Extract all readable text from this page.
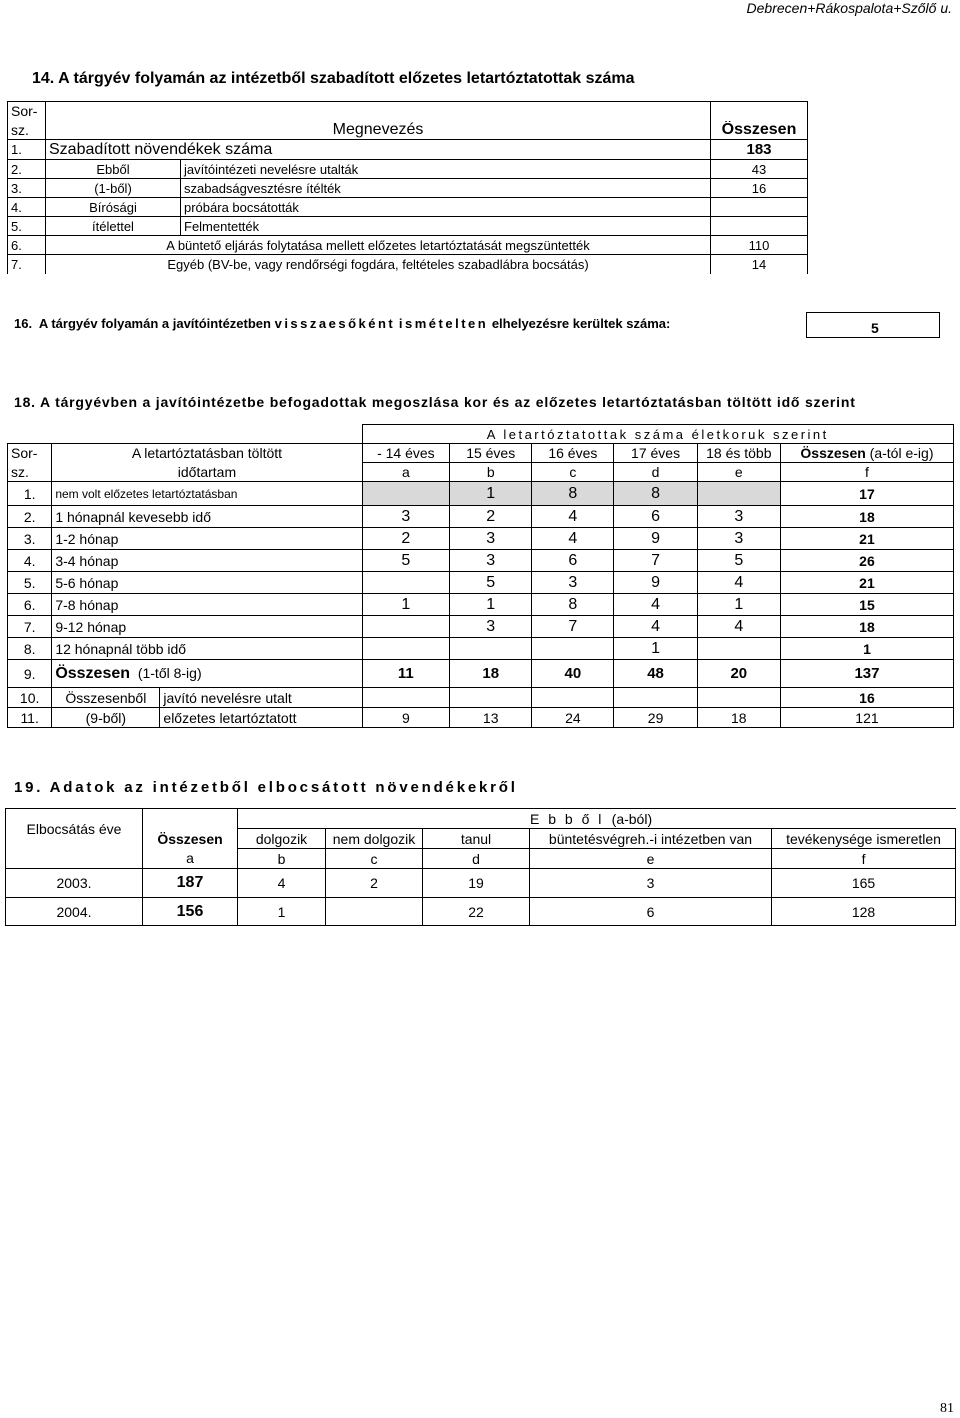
Debrecen+Rákospalota+Szőlő u.
14. A tárgyév folyamán az intézetből szabadított előzetes letartóztatottak száma
Sor-			
sz.	Megnevezés		Összesen
1.	Szabadított növendékek száma		183
2.	Ebből	javítóintézeti nevelésre utalták	43
3.	(1-ből)	szabadságvesztésre ítélték	16
4.	Bírósági	próbára bocsátották	
5.	ítélettel	Felmentették	
6.	A büntető eljárás folytatása mellett előzetes letartóztatását megszüntették		110
7.	Egyéb (BV-be, vagy rendőrségi fogdára, feltételes szabadlábra bocsátás)		14
16. A tárgyév folyamán a javítóintézetben visszaesőként ismételten elhelyezésre kerültek száma:	5
18. A tárgyévben a javítóintézetbe befogadottak megoszlása kor és az előzetes letartóztatásban töltött idő szerint
			A letartóztatottak száma életkoruk szerint					
Sor-	A letartóztatásban töltött		- 14 éves	15 éves	16 éves	17 éves	18 és több	Összesen (a-tól e-ig)
sz.	időtartam		a	b	c	d	e	f
1.	nem volt előzetes letartóztatásban			1	8	8		17
2.	1 hónapnál kevesebb idő		3	2	4	6	3	18
3.	1-2 hónap		2	3	4	9	3	21
4.	3-4 hónap		5	3	6	7	5	26
5.	5-6 hónap			5	3	9	4	21
6.	7-8 hónap		1	1	8	4	1	15
7.	9-12 hónap			3	7	4	4	18
8.	12 hónapnál több idő					1		1
9.	Összesen (1-től 8-ig)		11	18	40	48	20	137
10.	Összesenből	javító nevelésre utalt						16
11.	(9-ből)	előzetes letartóztatott	9	13	24	29	18	121
19. Adatok az intézetből elbocsátott növendékekről
Elbocsátás éve		E b b ő l (a-ból)				
	Összesen	dolgozik	nem dolgozik	tanul	büntetésvégreh.-i intézetben van	tevékenysége ismeretlen
	a	b	c	d	e	f
2003.	187	4	2	19	3	165
2004.	156	1		22	6	128
81
